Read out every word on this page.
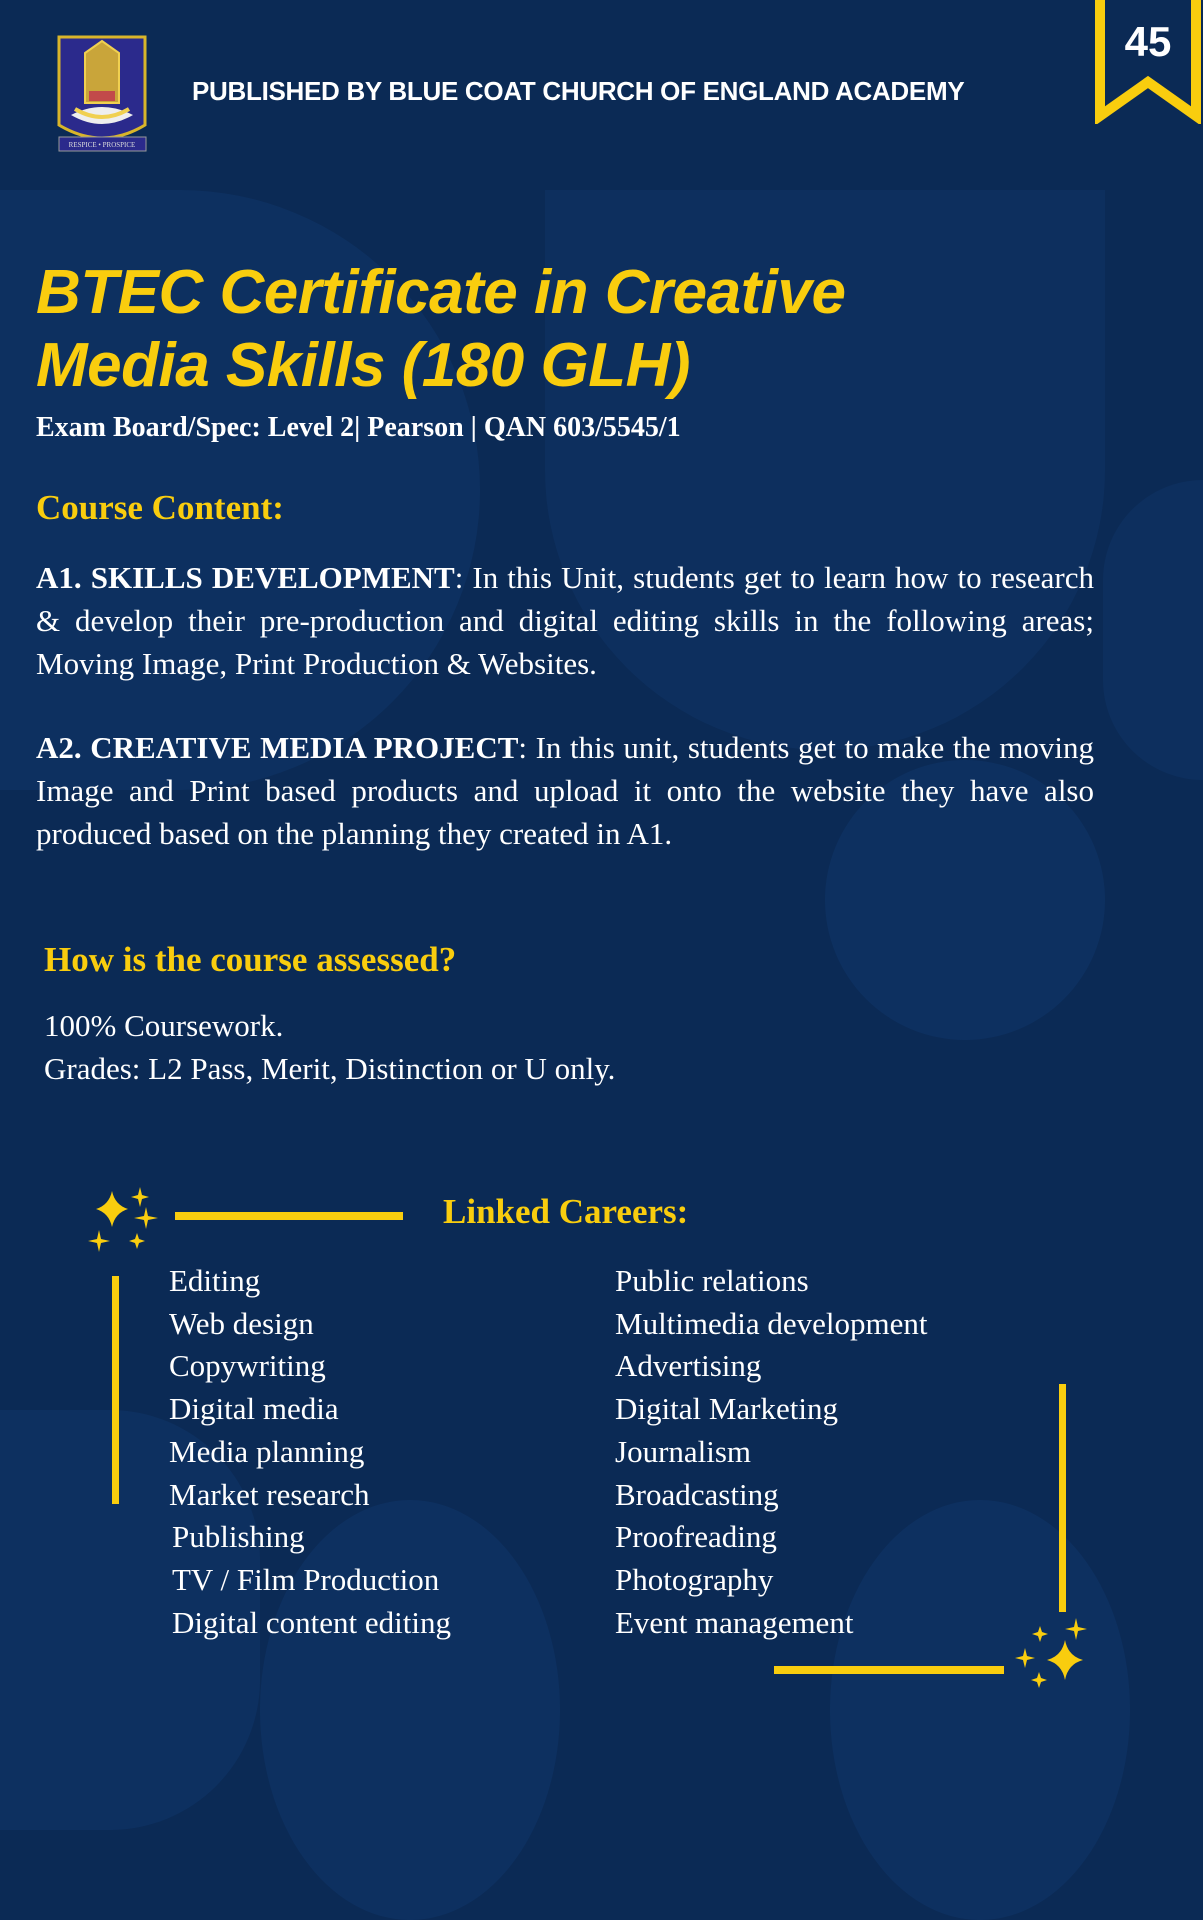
RESPICE • PROSPICE
PUBLISHED BY BLUE COAT CHURCH OF ENGLAND ACADEMY
45
BTEC Certificate in Creative
Media Skills (180 GLH)
Exam Board/Spec: Level 2| Pearson | QAN 603/5545/1
Course Content:
A1. SKILLS DEVELOPMENT: In this Unit, students get to learn how to research & develop their pre-production and digital editing skills in the following areas; Moving Image, Print Production & Websites.
A2. CREATIVE MEDIA PROJECT: In this unit, students get to make the moving Image and Print based products and upload it onto the website they have also produced based on the planning they created in A1.
How is the course assessed?
100% Coursework.
Grades: L2 Pass, Merit, Distinction or U only.
Linked Careers:
Editing
Web design
Copywriting
Digital media
Media planning
Market research
Publishing
TV / Film Production
Digital content editing
Public relations
Multimedia development
Advertising
Digital Marketing
Journalism
Broadcasting
Proofreading
Photography
Event management
